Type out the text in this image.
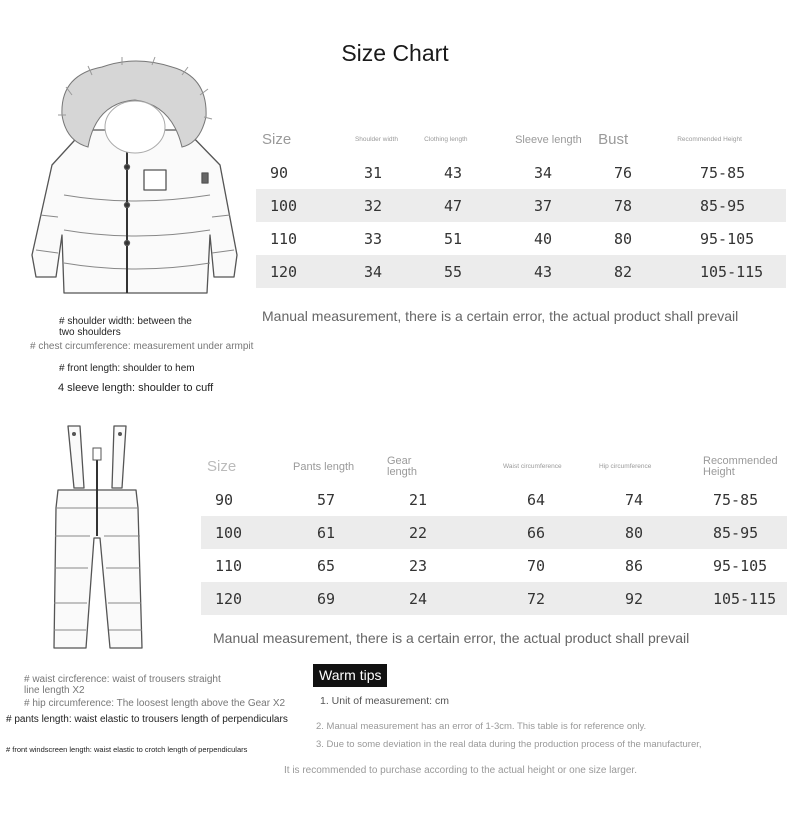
Size Chart
Size	Shoulder width	Clothing length	Sleeve length	Bust	Recommended Height
90	31	43	34	76	75-85
100	32	47	37	78	85-95
110	33	51	40	80	95-105
120	34	55	43	82	105-115
Manual measurement, there is a certain error, the actual product shall prevail
# shoulder width: between the two shoulders
# chest circumference: measurement under armpit
# front length: shoulder to hem
4 sleeve length: shoulder to cuff
Size	Pants length	Gear length	Waist circumference	Hip circumference	Recommended Height
90	57	21	64	74	75-85
100	61	22	66	80	85-95
110	65	23	70	86	95-105
120	69	24	72	92	105-115
Manual measurement, there is a certain error, the actual product shall prevail
# waist circference: waist of trousers straight line length X2
# hip circumference: The loosest length above the Gear X2
# pants length: waist elastic to trousers length of perpendiculars
# front windscreen length: waist elastic to crotch length of perpendiculars
Warm tips
1. Unit of measurement: cm
2. Manual measurement has an error of 1-3cm. This table is for reference only.
3. Due to some deviation in the real data during the production process of the manufacturer,
It is recommended to purchase according to the actual height or one size larger.
